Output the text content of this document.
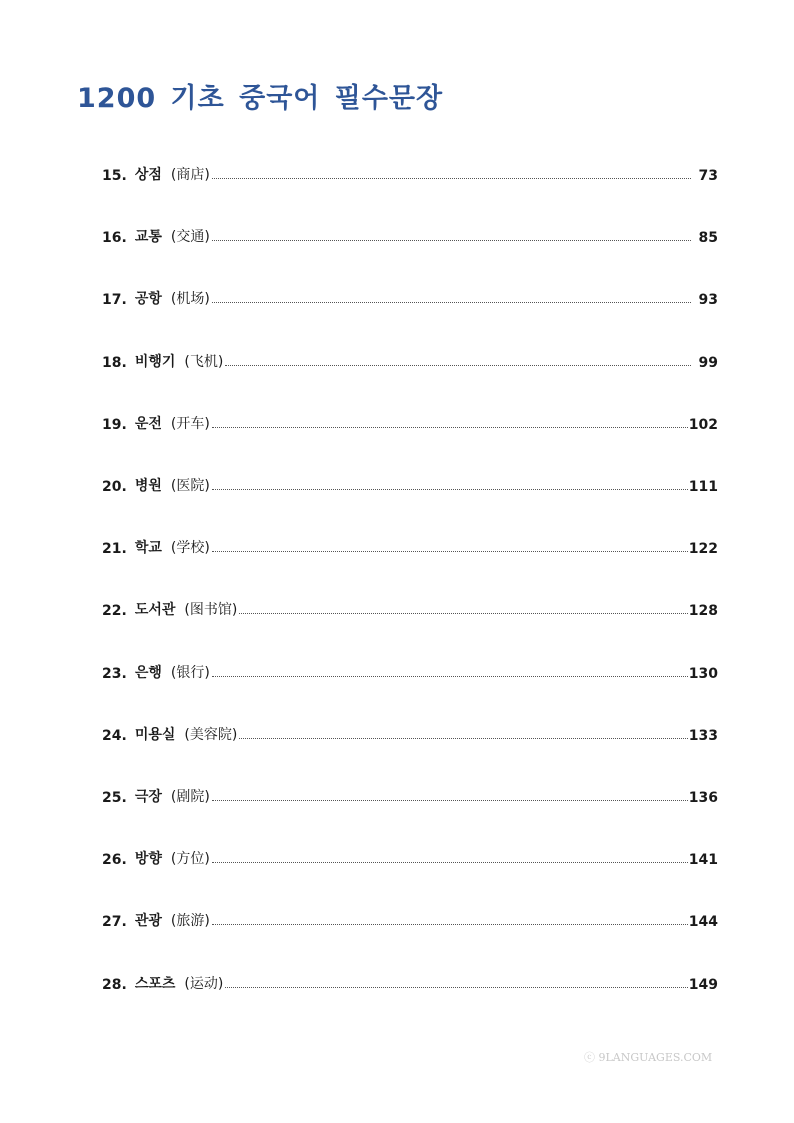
1200 기초 중국어 필수문장
15. 상점 (商店)	73
16. 교통 (交通)	85
17. 공항 (机场)	93
18. 비행기 (飞机)	99
19. 운전 (开车)	102
20. 병원 (医院)	111
21. 학교 (学校)	122
22. 도서관 (图书馆)	128
23. 은행 (银行)	130
24. 미용실 (美容院)	133
25. 극장 (剧院)	136
26. 방향 (方位)	141
27. 관광 (旅游)	144
28. 스포츠 (运动)	149
ⓒ 9LANGUAGES.COM
